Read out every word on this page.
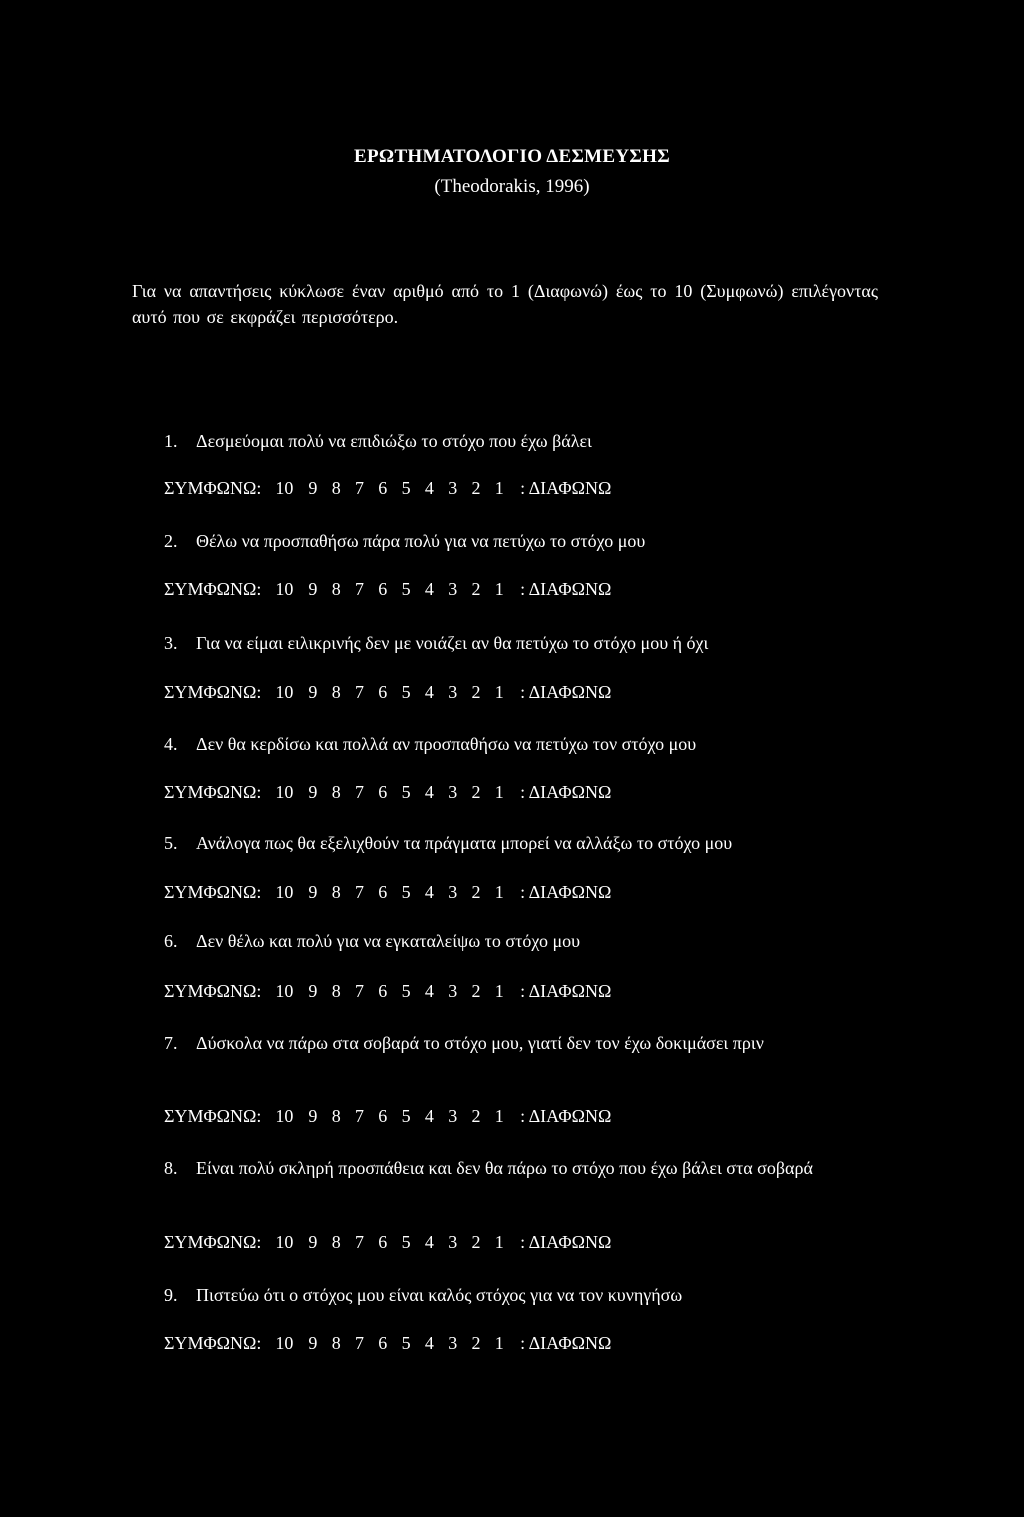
ΕΡΩΤΗΜΑΤΟΛΟΓΙΟ ΔΕΣΜΕΥΣΗΣ
(Theodorakis, 1996)
Για να απαντήσεις κύκλωσε έναν αριθμό από το 1 (Διαφωνώ) έως το 10 (Συμφωνώ) επιλέγοντας αυτό που σε εκφράζει περισσότερο.
1.	Δεσμεύομαι πολύ να επιδιώξω το στόχο που έχω βάλει
ΣΥΜΦΩΝΩ: 10 9 8 7 6 5 4 3 2 1 : ΔΙΑΦΩΝΩ
2.	Θέλω να προσπαθήσω πάρα πολύ για να πετύχω το στόχο μου
ΣΥΜΦΩΝΩ: 10 9 8 7 6 5 4 3 2 1 : ΔΙΑΦΩΝΩ
3.	Για να είμαι ειλικρινής δεν με νοιάζει αν θα πετύχω το στόχο μου ή όχι
ΣΥΜΦΩΝΩ: 10 9 8 7 6 5 4 3 2 1 : ΔΙΑΦΩΝΩ
4.	Δεν θα κερδίσω και πολλά αν προσπαθήσω να πετύχω τον στόχο μου
ΣΥΜΦΩΝΩ: 10 9 8 7 6 5 4 3 2 1 : ΔΙΑΦΩΝΩ
5.	Ανάλογα πως θα εξελιχθούν τα πράγματα μπορεί να αλλάξω το στόχο μου
ΣΥΜΦΩΝΩ: 10 9 8 7 6 5 4 3 2 1 : ΔΙΑΦΩΝΩ
6.	Δεν θέλω και πολύ για να εγκαταλείψω το στόχο μου
ΣΥΜΦΩΝΩ: 10 9 8 7 6 5 4 3 2 1 : ΔΙΑΦΩΝΩ
7.	Δύσκολα να πάρω στα σοβαρά το στόχο μου, γιατί δεν τον έχω δοκιμάσει πριν
ΣΥΜΦΩΝΩ: 10 9 8 7 6 5 4 3 2 1 : ΔΙΑΦΩΝΩ
8.	Είναι πολύ σκληρή προσπάθεια και δεν θα πάρω το στόχο που έχω βάλει στα σοβαρά
ΣΥΜΦΩΝΩ: 10 9 8 7 6 5 4 3 2 1 : ΔΙΑΦΩΝΩ
9.	Πιστεύω ότι ο στόχος μου είναι καλός στόχος για να τον κυνηγήσω
ΣΥΜΦΩΝΩ: 10 9 8 7 6 5 4 3 2 1 : ΔΙΑΦΩΝΩ
